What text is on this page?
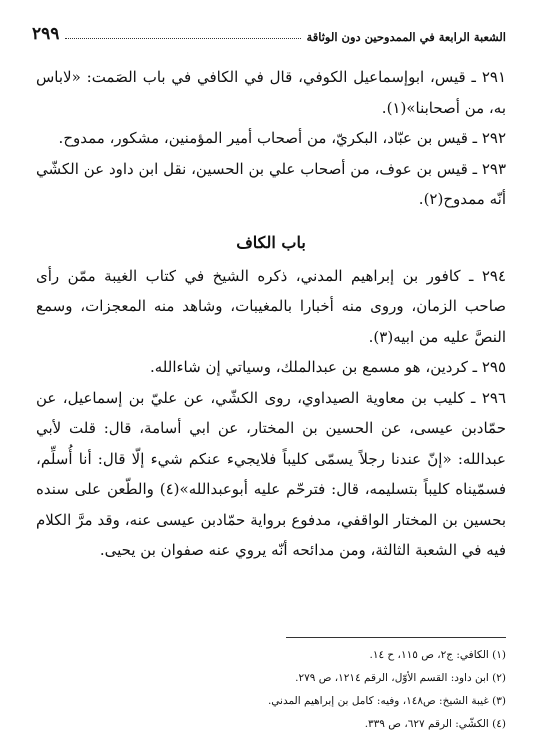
الشعبة الرابعة في الممدوحين دون الوثاقة
٢٩٩

٢٩١ ـ قيس، ابوإسماعيل الكوفي، قال في الكافي في باب الصَمت: «لاباس به، من أصحابنا»(١).

٢٩٢ ـ قيس بن عبّاد، البكريّ، من أصحاب أمير المؤمنين، مشكور، ممدوح.

٢٩٣ ـ قيس بن عوف، من أصحاب علي بن الحسين، نقل ابن داود عن الكشّي أنّه ممدوح(٢).

باب الكاف

٢٩٤ ـ كافور بن إبراهيم المدني، ذكره الشيخ في كتاب الغيبة ممّن رأى صاحب الزمان، وروى منه أخبارا بالمغيبات، وشاهد منه المعجزات، وسمع النصَّ عليه من ابيه(٣).

٢٩٥ ـ كردين، هو مسمع بن عبدالملك، وسياتي إن شاءالله.

٢٩٦ ـ كليب بن معاوية الصيداوي، روى الكشّي، عن عليّ بن إسماعيل، عن حمّادبن عيسى، عن الحسين بن المختار، عن ابي أسامة، قال: قلت لأبي عبدالله: «إنّ عندنا رجلاً يسمّى كليباً فلايجيء عنكم شيء إلّا قال: أنا أُسلِّم، فسمّيناه كليباً بتسليمه، قال: فترحّم عليه أبوعبدالله»(٤) والطّعن على سنده بحسين بن المختار الواقفي، مدفوع برواية حمّادبن عيسى عنه، وقد مرَّ الكلام فيه في الشعبة الثالثة، ومن مدائحه أنّه يروي عنه صفوان بن يحيى.

(١) الكافي: ج٢، ص ١١٥، ح ١٤.

(٢) ابن داود: القسم الأوّل، الرقم ١٢١٤، ص ٢٧٩.

(٣) غيبة الشيخ: ص١٤٨، وفيه: كامل بن إبراهيم المدني.

(٤) الكشّي: الرقم ٦٢٧، ص ٣٣٩.
